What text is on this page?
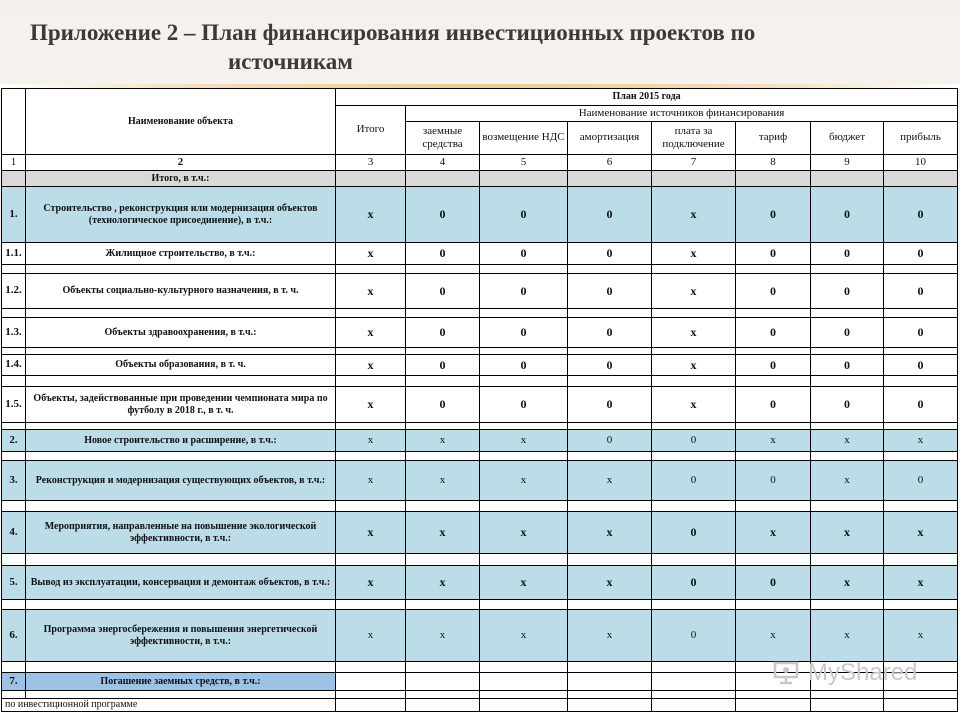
Приложение 2 – План финансирования инвестиционных проектов по
источникам
	Наименование объекта	План 2015 года							
		Итого	Наименование источников финансирования						
			заемные средства	возмещение НДС	амортизация	плата за подключение	тариф	бюджет	прибыль
1	2	3	4	5	6	7	8	9	10
	Итого, в т.ч.:								
1.	Строительство , реконструкция или модернизация объектов (технологическое присоединение), в т.ч.:	x	0	0	0	x	0	0	0
1.1.	Жилищное строительство, в т.ч.:	x	0	0	0	x	0	0	0

1.2.	Объекты социально-культурного назначения, в т. ч.	x	0	0	0	x	0	0	0

1.3.	Объекты здравоохранения, в т.ч.:	x	0	0	0	x	0	0	0

1.4.	Объекты образования, в т. ч.	x	0	0	0	x	0	0	0

1.5.	Объекты, задействованные при проведении чемпионата мира по футболу в 2018 г., в т. ч.	x	0	0	0	x	0	0	0

2.	Новое строительство и расширение, в т.ч.:	x	x	x	0	0	x	x	x

3.	Реконструкция и модернизация существующих объектов, в т.ч.:	x	x	x	x	0	0	x	0

4.	Мероприятия, направленные на повышение экологической эффективности, в т.ч.:	x	x	x	x	0	x	x	x

5.	Вывод из эксплуатации, консервация и демонтаж объектов, в т.ч.:	x	x	x	x	0	0	x	x

6.	Программа энергосбережения и повышения энергетической эффективности, в т.ч.:	x	x	x	x	0	x	x	x

7.	Погашение заемных средств, в т.ч.:								

по инвестиционной программе									
MyShared
